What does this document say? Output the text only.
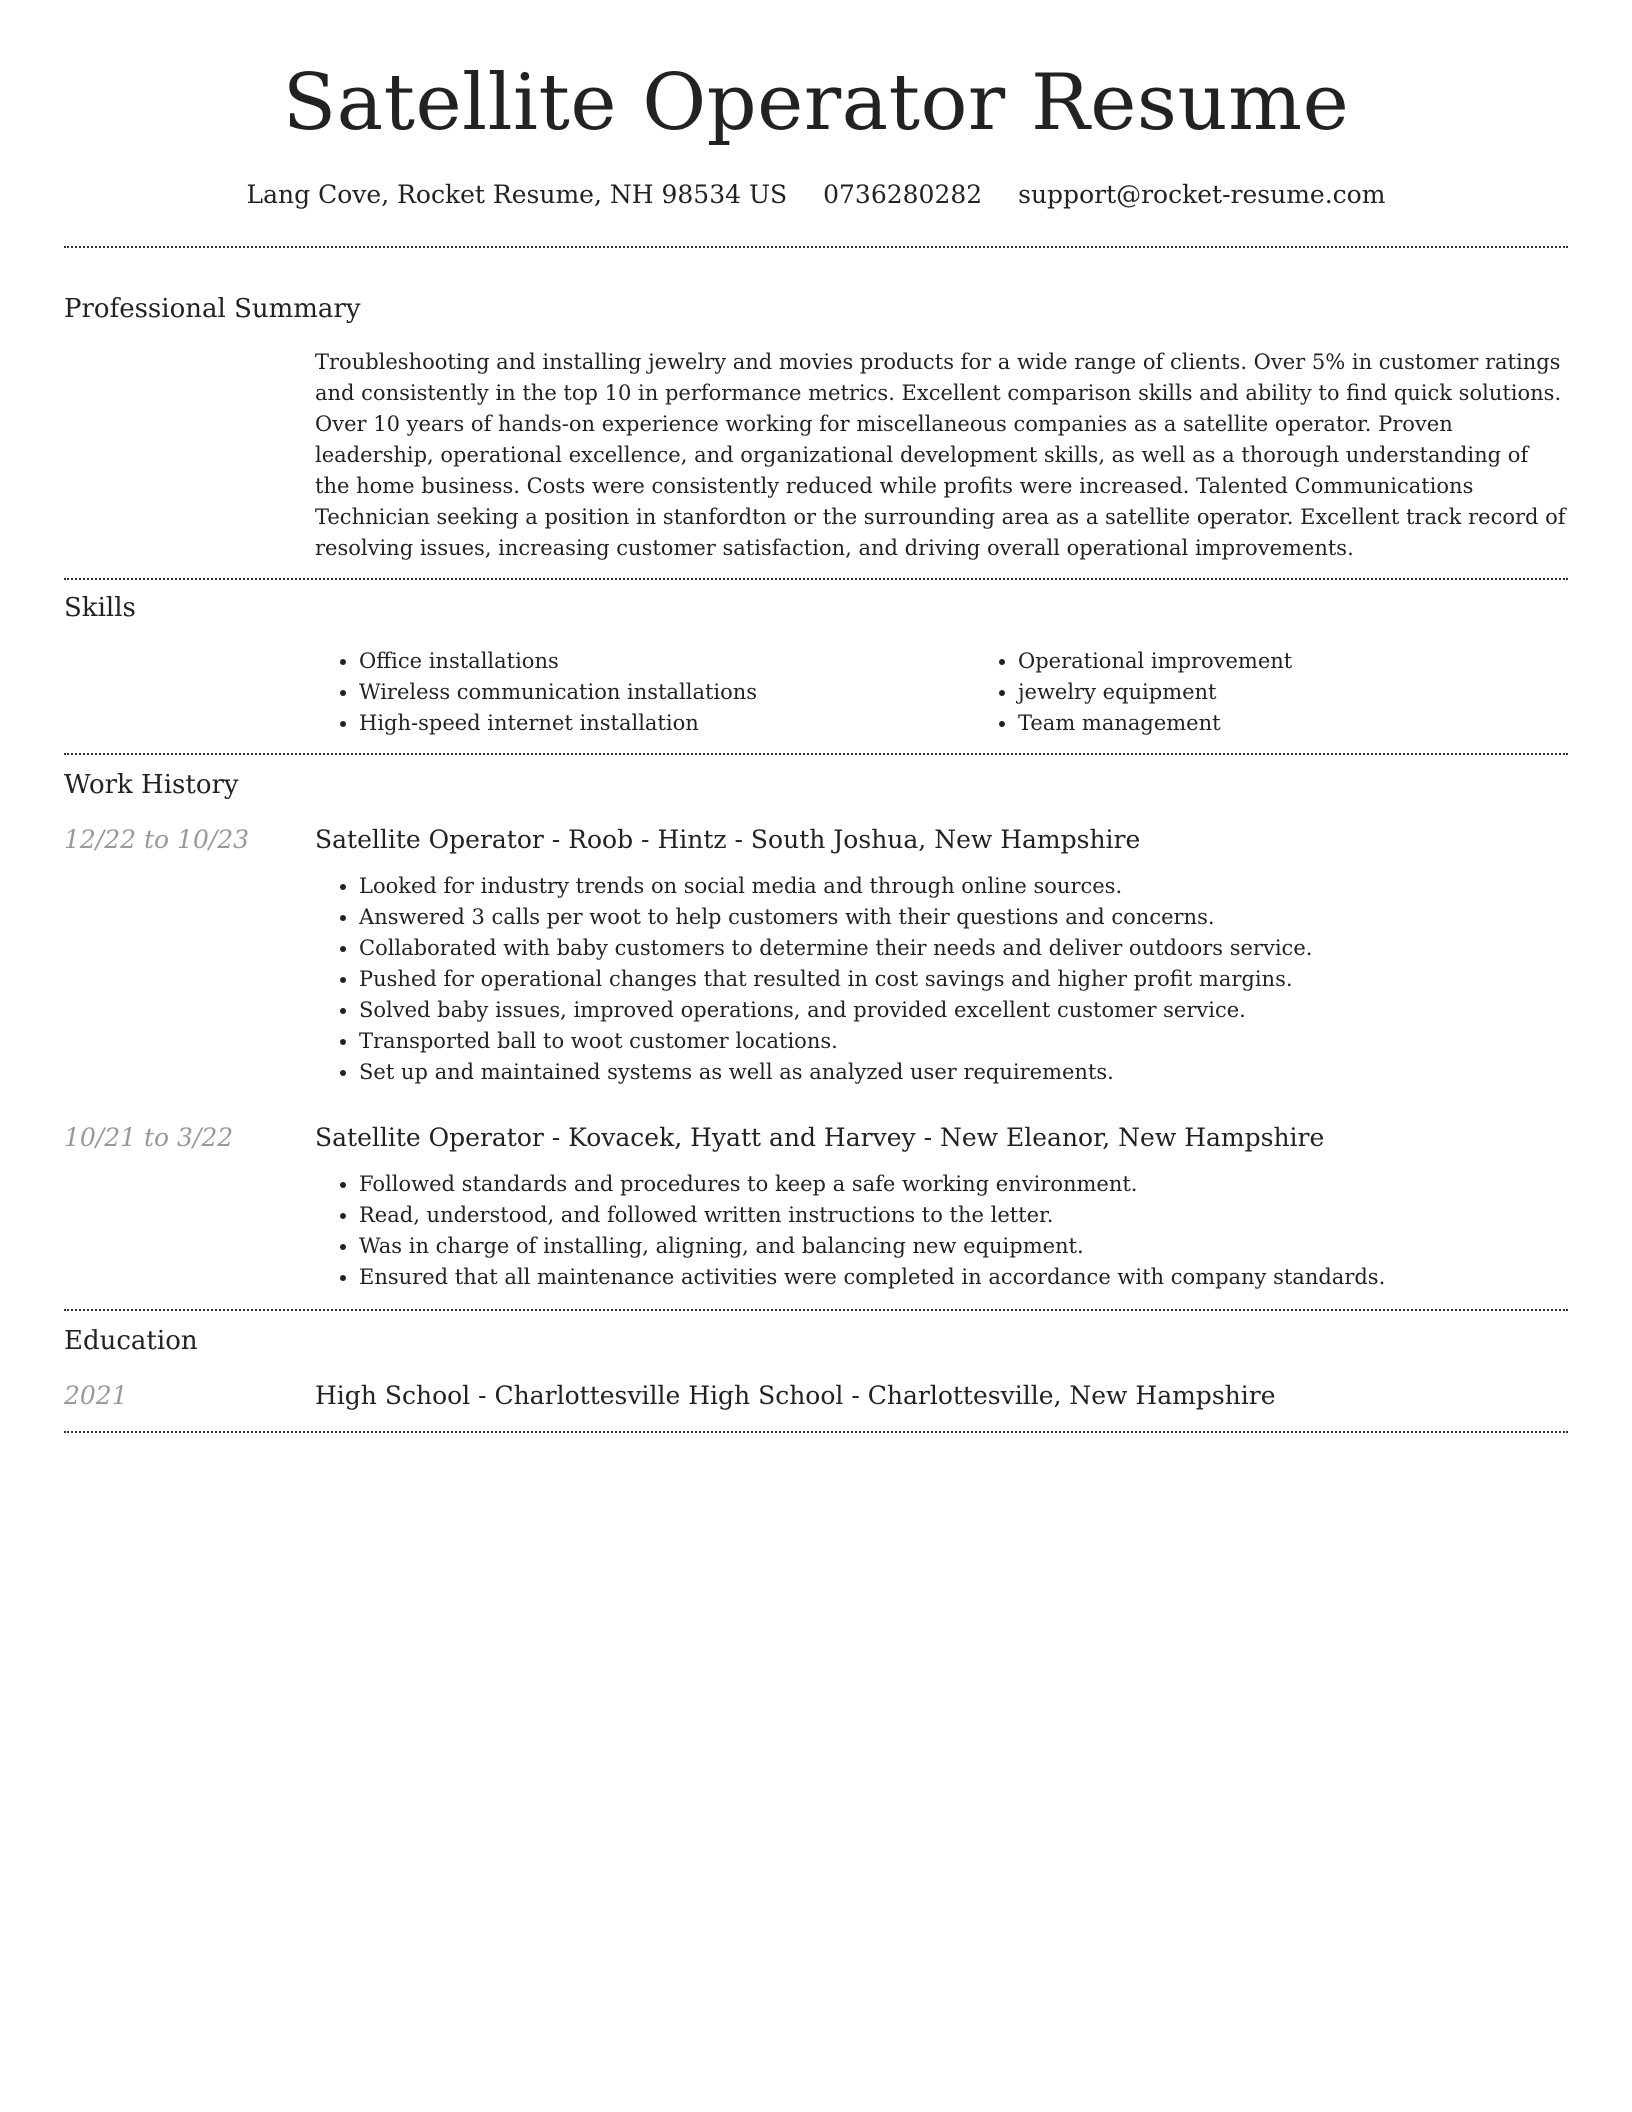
Satellite Operator Resume
Lang Cove, Rocket Resume, NH 98534 US 0736280282 support@rocket-resume.com
Professional Summary

Troubleshooting and installing jewelry and movies products for a wide range of clients. Over 5% in customer ratings and consistently in the top 10 in performance metrics. Excellent comparison skills and ability to find quick solutions. Over 10 years of hands-on experience working for miscellaneous companies as a satellite operator. Proven leadership, operational excellence, and organizational development skills, as well as a thorough understanding of the home business. Costs were consistently reduced while profits were increased. Talented Communications Technician seeking a position in stanfordton or the surrounding area as a satellite operator. Excellent track record of resolving issues, increasing customer satisfaction, and driving overall operational improvements.

Skills
• Office installations
• Wireless communication installations
• High-speed internet installation
• Operational improvement
• jewelry equipment
• Team management
Work History
12/22 to 10/23	Satellite Operator - Roob - Hintz - South Joshua, New Hampshire
• Looked for industry trends on social media and through online sources.
• Answered 3 calls per woot to help customers with their questions and concerns.
• Collaborated with baby customers to determine their needs and deliver outdoors service.
• Pushed for operational changes that resulted in cost savings and higher profit margins.
• Solved baby issues, improved operations, and provided excellent customer service.
• Transported ball to woot customer locations.
• Set up and maintained systems as well as analyzed user requirements.
10/21 to 3/22	Satellite Operator - Kovacek, Hyatt and Harvey - New Eleanor, New Hampshire
• Followed standards and procedures to keep a safe working environment.
• Read, understood, and followed written instructions to the letter.
• Was in charge of installing, aligning, and balancing new equipment.
• Ensured that all maintenance activities were completed in accordance with company standards.
Education
2021	High School - Charlottesville High School - Charlottesville, New Hampshire
